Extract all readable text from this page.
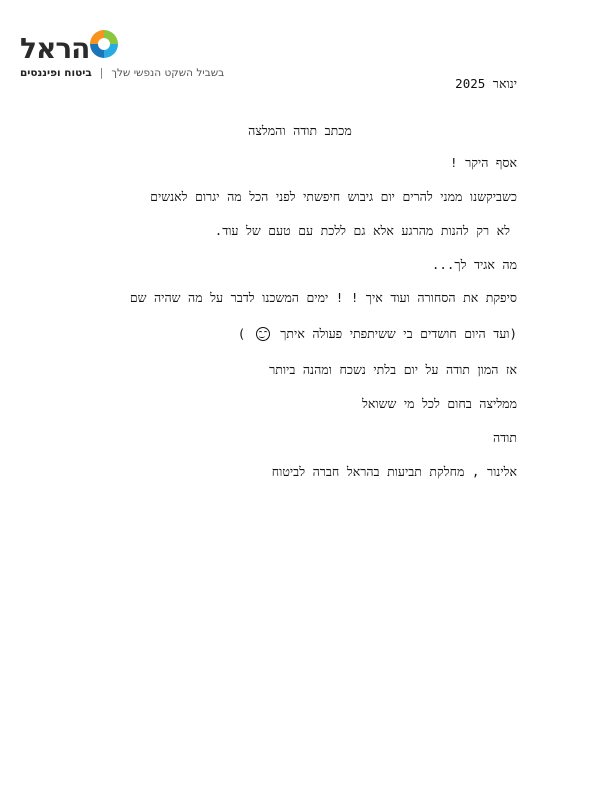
הראל
בשביל השקט הנפשי שלך|ביטוח ופיננסים
ינואר 2025
מכתב תודה והמלצה
אסף היקר !
כשביקשנו ממני להרים יום גיבוש חיפשתי לפני הכל מה יגרום לאנשים
לא רק להנות מהרגע אלא גם ללכת עם טעם של עוד.
מה אגיד לך...
סיפקת את הסחורה ועוד איך ! ! ימים המשכנו לדבר על מה שהיה שם
(ועד היום חושדים בי ששיתפתי פעולה איתך
)
אז המון תודה על יום בלתי נשכח ומהנה ביותר
ממליצה בחום לכל מי ששואל
תודה
אלינור , מחלקת תביעות בהראל חברה לביטוח
